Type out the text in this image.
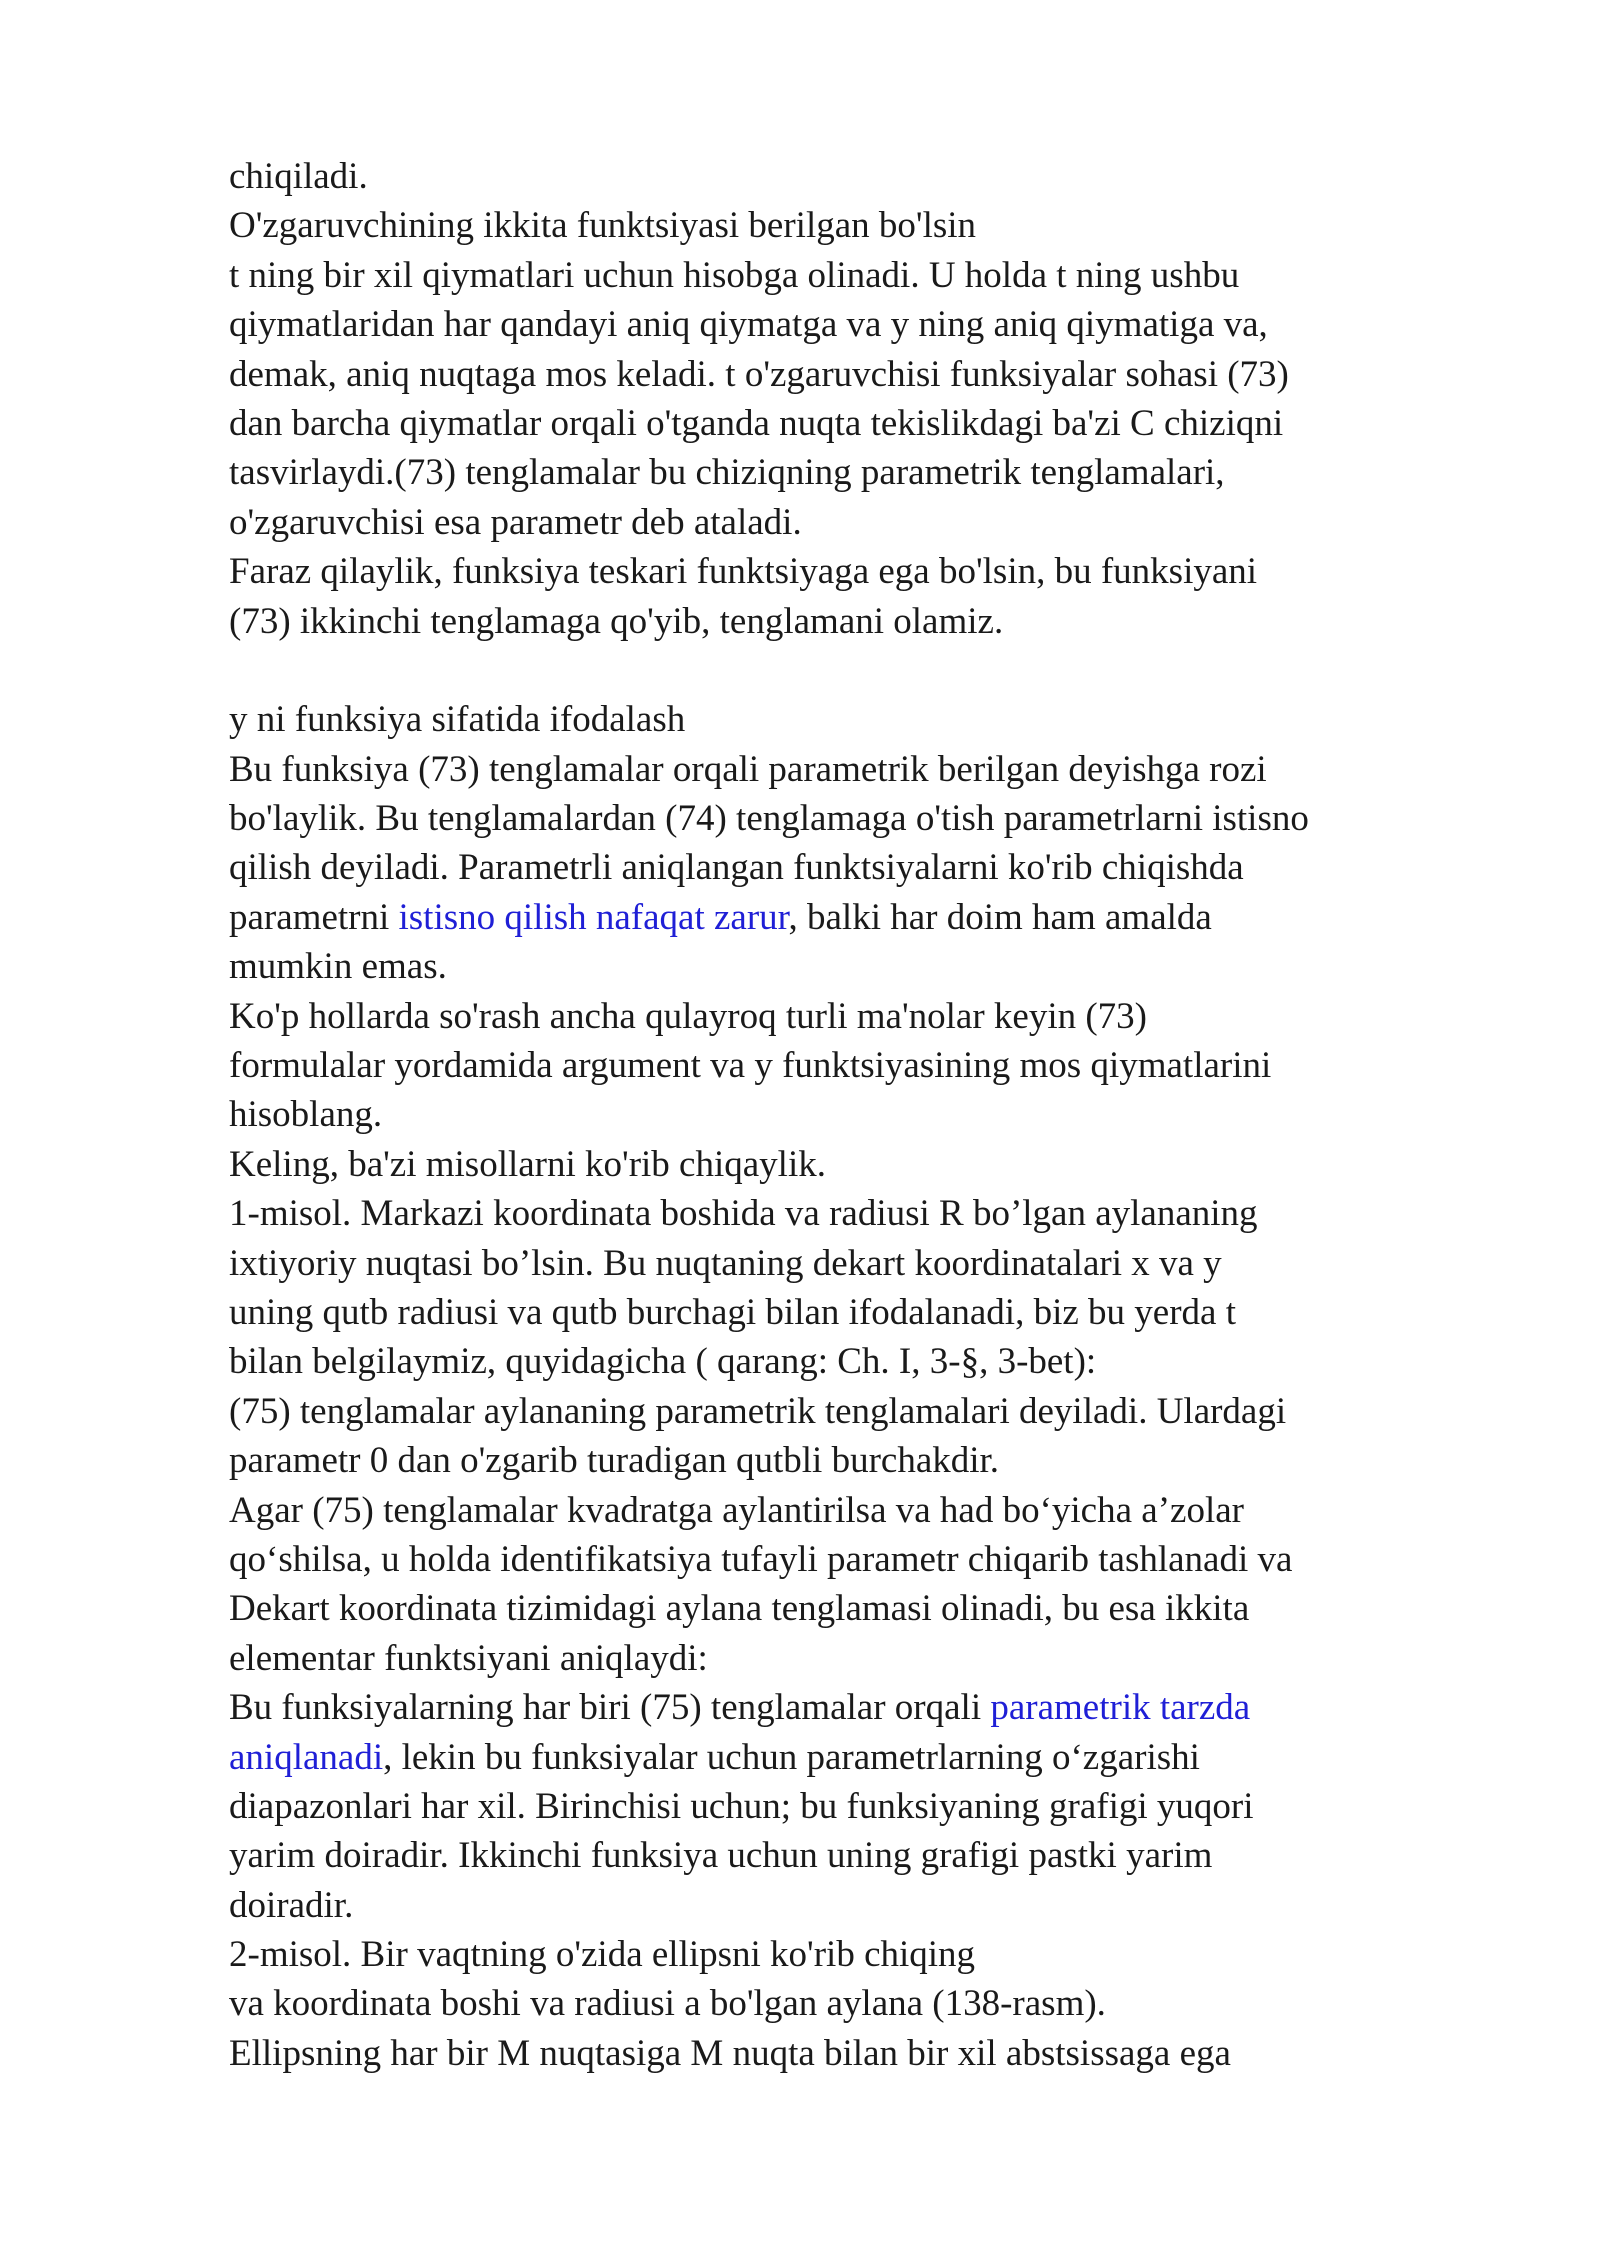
chiqiladi.
O'zgaruvchining ikkita funktsiyasi berilgan bo'lsin
t ning bir xil qiymatlari uchun hisobga olinadi. U holda t ning ushbu
qiymatlaridan har qandayi aniq qiymatga va y ning aniq qiymatiga va,
demak, aniq nuqtaga mos keladi. t o'zgaruvchisi funksiyalar sohasi (73)
dan barcha qiymatlar orqali o'tganda nuqta tekislikdagi ba'zi C chiziqni
tasvirlaydi.(73) tenglamalar bu chiziqning parametrik tenglamalari,
o'zgaruvchisi esa parametr deb ataladi.
Faraz qilaylik, funksiya teskari funktsiyaga ega bo'lsin, bu funksiyani
(73) ikkinchi tenglamaga qo'yib, tenglamani olamiz.
y ni funksiya sifatida ifodalash
Bu funksiya (73) tenglamalar orqali parametrik berilgan deyishga rozi
bo'laylik. Bu tenglamalardan (74) tenglamaga o'tish parametrlarni istisno
qilish deyiladi. Parametrli aniqlangan funktsiyalarni ko'rib chiqishda
parametrni istisno qilish nafaqat zarur, balki har doim ham amalda
mumkin emas.
Ko'p hollarda so'rash ancha qulayroq turli ma'nolar keyin (73)
formulalar yordamida argument va y funktsiyasining mos qiymatlarini
hisoblang.
Keling, ba'zi misollarni ko'rib chiqaylik.
1-misol. Markazi koordinata boshida va radiusi R bo’lgan aylananing
ixtiyoriy nuqtasi bo’lsin. Bu nuqtaning dekart koordinatalari x va y
uning qutb radiusi va qutb burchagi bilan ifodalanadi, biz bu yerda t
bilan belgilaymiz, quyidagicha ( qarang: Ch. I, 3-§, 3-bet):
(75) tenglamalar aylananing parametrik tenglamalari deyiladi. Ulardagi
parametr 0 dan o'zgarib turadigan qutbli burchakdir.
Agar (75) tenglamalar kvadratga aylantirilsa va had bo‘yicha a’zolar
qo‘shilsa, u holda identifikatsiya tufayli parametr chiqarib tashlanadi va
Dekart koordinata tizimidagi aylana tenglamasi olinadi, bu esa ikkita
elementar funktsiyani aniqlaydi:
Bu funksiyalarning har biri (75) tenglamalar orqali parametrik tarzda
aniqlanadi, lekin bu funksiyalar uchun parametrlarning o‘zgarishi
diapazonlari har xil. Birinchisi uchun; bu funksiyaning grafigi yuqori
yarim doiradir. Ikkinchi funksiya uchun uning grafigi pastki yarim
doiradir.
2-misol. Bir vaqtning o'zida ellipsni ko'rib chiqing
va koordinata boshi va radiusi a bo'lgan aylana (138-rasm).
Ellipsning har bir M nuqtasiga M nuqta bilan bir xil abstsissaga ega
